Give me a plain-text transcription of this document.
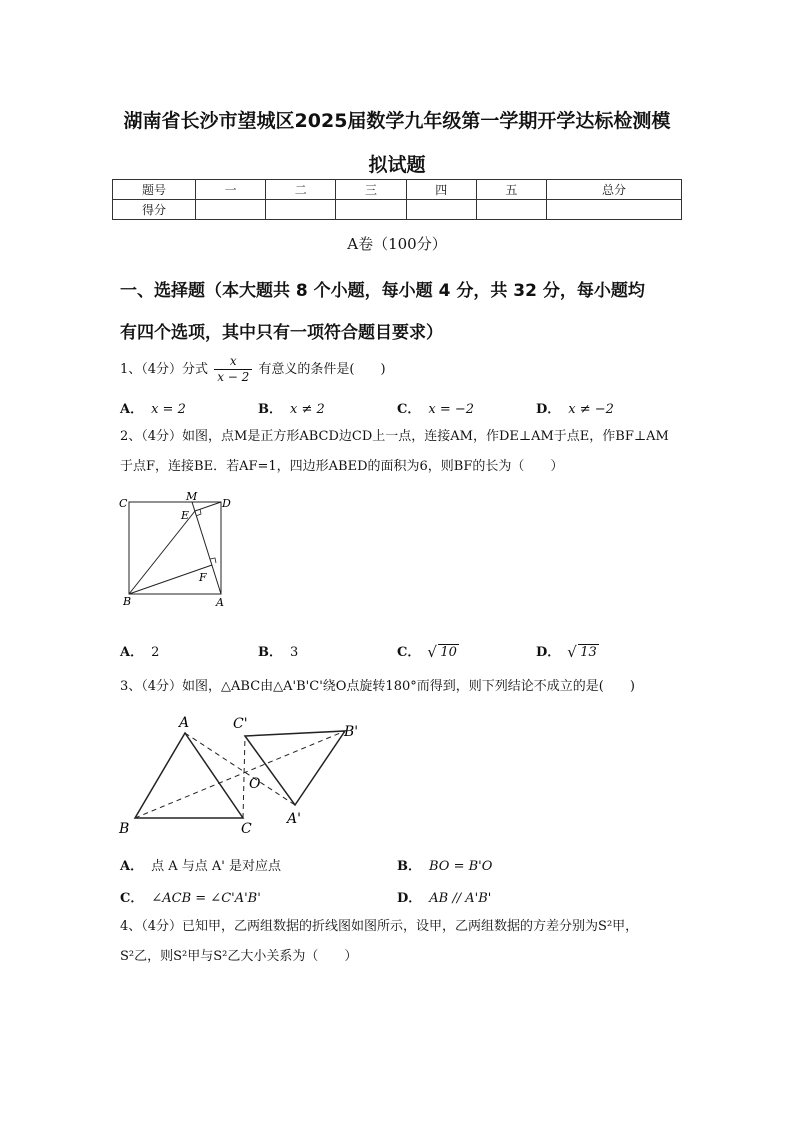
湖南省长沙市望城区2025届数学九年级第一学期开学达标检测模
拟试题
题号	一	二	三	四	五	总分
得分						
A卷（100分）
一、选择题（本大题共 8 个小题，每小题 4 分，共 32 分，每小题均
有四个选项，其中只有一项符合题目要求）
1、（4分）分式 $\frac{x}{x - 2}$ 有意义的条件是(　　)
A． x = 2	B． x ≠ 2	C． x = −2	D． x ≠ −2
2、（4分）如图，点M是正方形ABCD边CD上一点，连接AM，作DE⊥AM于点E，作BF⊥AM
于点F，连接BE．若AF=1，四边形ABED的面积为6，则BF的长为（　　）
C
M
D
E
F
B	A
A． 2	B． 3	C． √ 10	D． √ 13
3、（4分）如图，△ABC由△A'B'C'绕O点旋转180°而得到，则下列结论不成立的是(　　)
A	C'	B'
O
A'
B	C
A． 点 A 与点 A' 是对应点	B． BO = B'O
C． ∠ACB = ∠C'A'B'	D． AB // A'B'
4、（4分）已知甲，乙两组数据的折线图如图所示，设甲，乙两组数据的方差分别为S²甲，
S²乙，则S²甲与S²乙大小关系为（　　）
